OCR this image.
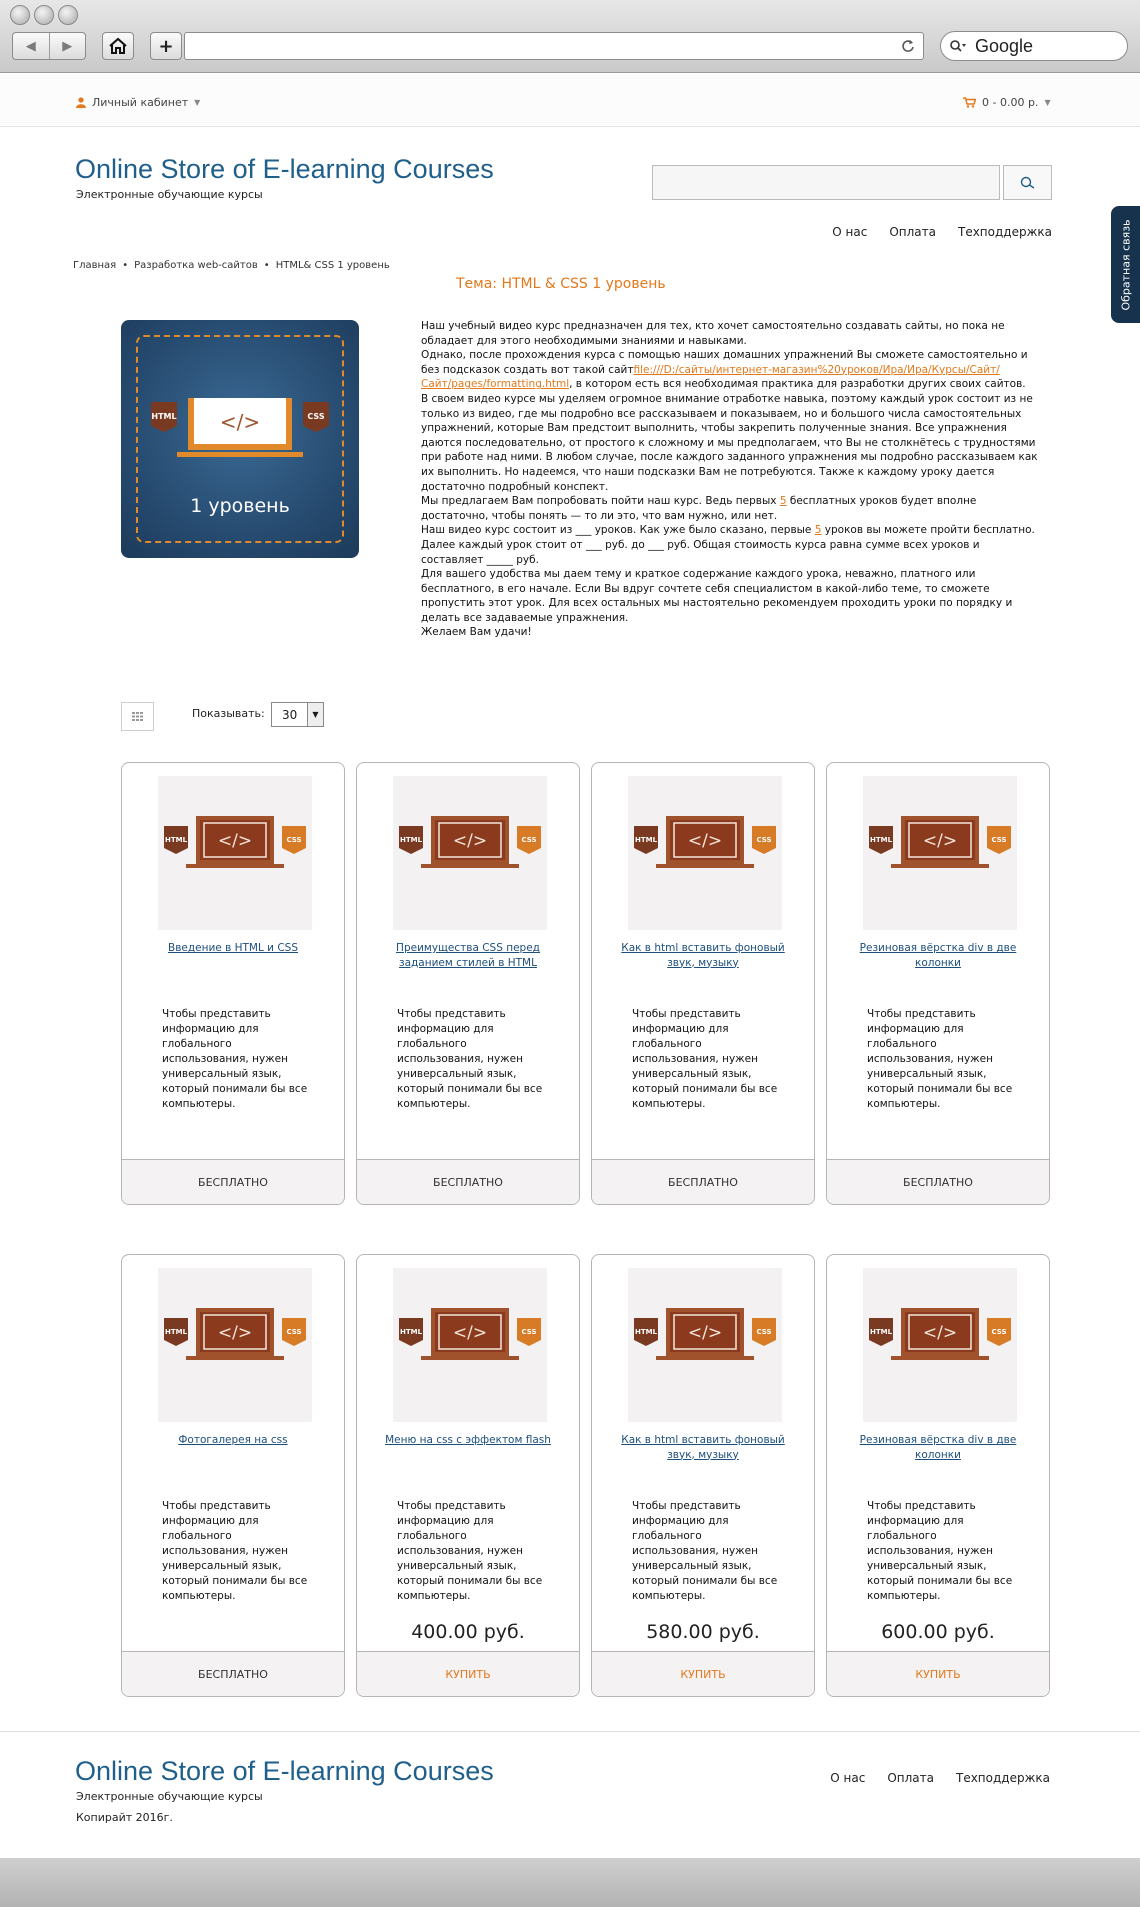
◀	▶	+	Google
Личный кабинет ▼	0 - 0.00 р. ▼
Online Store of E-learning Courses
Электронные обучающие курсы
О нас Оплата Техподдержка	Обратная связь
Главная • Разработка web-сайтов • HTML& CSS 1 уровень
Тема: HTML & CSS 1 уровень
HTML	CSS
</>
1 уровень
Наш учебный видео курс предназначен для тех, кто хочет самостоятельно создавать сайты, но пока не обладает для этого необходимыми знаниями и навыками.
Однако, после прохождения курса с помощью наших домашних упражнений Вы сможете самостоятельно и без подсказок создать вот такой сайтfile:///D:/сайты/интернет-магазин%20уроков/Ира/Ира/Курсы/Сайт/Сайт/pages/formatting.html, в котором есть вся необходимая практика для разработки других своих сайтов.
В своем видео курсе мы уделяем огромное внимание отработке навыка, поэтому каждый урок состоит из не только из видео, где мы подробно все рассказываем и показываем, но и большого числа самостоятельных упражнений, которые Вам предстоит выполнить, чтобы закрепить полученные знания. Все упражнения даются последовательно, от простого к сложному и мы предполагаем, что Вы не столкнётесь с трудностями при работе над ними. В любом случае, после каждого заданного упражнения мы подробно рассказываем как их выполнить. Но надеемся, что наши подсказки Вам не потребуются. Также к каждому уроку дается достаточно подробный конспект.
Мы предлагаем Вам попробовать пойти наш курс. Ведь первых 5 бесплатных уроков будет вполне достаточно, чтобы понять — то ли это, что вам нужно, или нет.
Наш видео курс состоит из ___ уроков. Как уже было сказано, первые 5 уроков вы можете пройти бесплатно.
Далее каждый урок стоит от ___ руб. до ___ руб. Общая стоимость курса равна сумме всех уроков и составляет _____ руб.
Для вашего удобства мы даем тему и краткое содержание каждого урока, неважно, платного или бесплатного, в его начале. Если Вы вдруг сочтете себя специалистом в какой-либо теме, то сможете пропустить этот урок. Для всех остальных мы настоятельно рекомендуем проходить уроки по порядку и делать все задаваемые упражнения.
Желаем Вам удачи!
Показывать: 30	▼
HTML	CSS
</>
Введение в HTML и CSS
Чтобы представить информацию для глобального использования, нужен универсальный язык, который понимали бы все компьютеры.
БЕСПЛАТНО
HTML	CSS
</>
Преимущества CSS перед заданием стилей в HTML
Чтобы представить информацию для глобального использования, нужен универсальный язык, который понимали бы все компьютеры.
БЕСПЛАТНО
HTML	CSS
</>
Как в html вставить фоновый звук, музыку
Чтобы представить информацию для глобального использования, нужен универсальный язык, который понимали бы все компьютеры.
БЕСПЛАТНО
HTML	CSS
</>
Резиновая вёрстка div в две колонки
Чтобы представить информацию для глобального использования, нужен универсальный язык, который понимали бы все компьютеры.
БЕСПЛАТНО
HTML	CSS
</>
Фотогалерея на css
Чтобы представить информацию для глобального использования, нужен универсальный язык, который понимали бы все компьютеры.
БЕСПЛАТНО
HTML	CSS
</>
Меню на css с эффектом flash
Чтобы представить информацию для глобального использования, нужен универсальный язык, который понимали бы все компьютеры.
400.00 руб.
КУПИТЬ
HTML	CSS
</>
Как в html вставить фоновый звук, музыку
Чтобы представить информацию для глобального использования, нужен универсальный язык, который понимали бы все компьютеры.
580.00 руб.
КУПИТЬ
HTML	CSS
</>
Резиновая вёрстка div в две колонки
Чтобы представить информацию для глобального использования, нужен универсальный язык, который понимали бы все компьютеры.
600.00 руб.
КУПИТЬ
Online Store of E-learning Courses
Электронные обучающие курсы
Копирайт 2016г.
О нас Оплата Техподдержка
